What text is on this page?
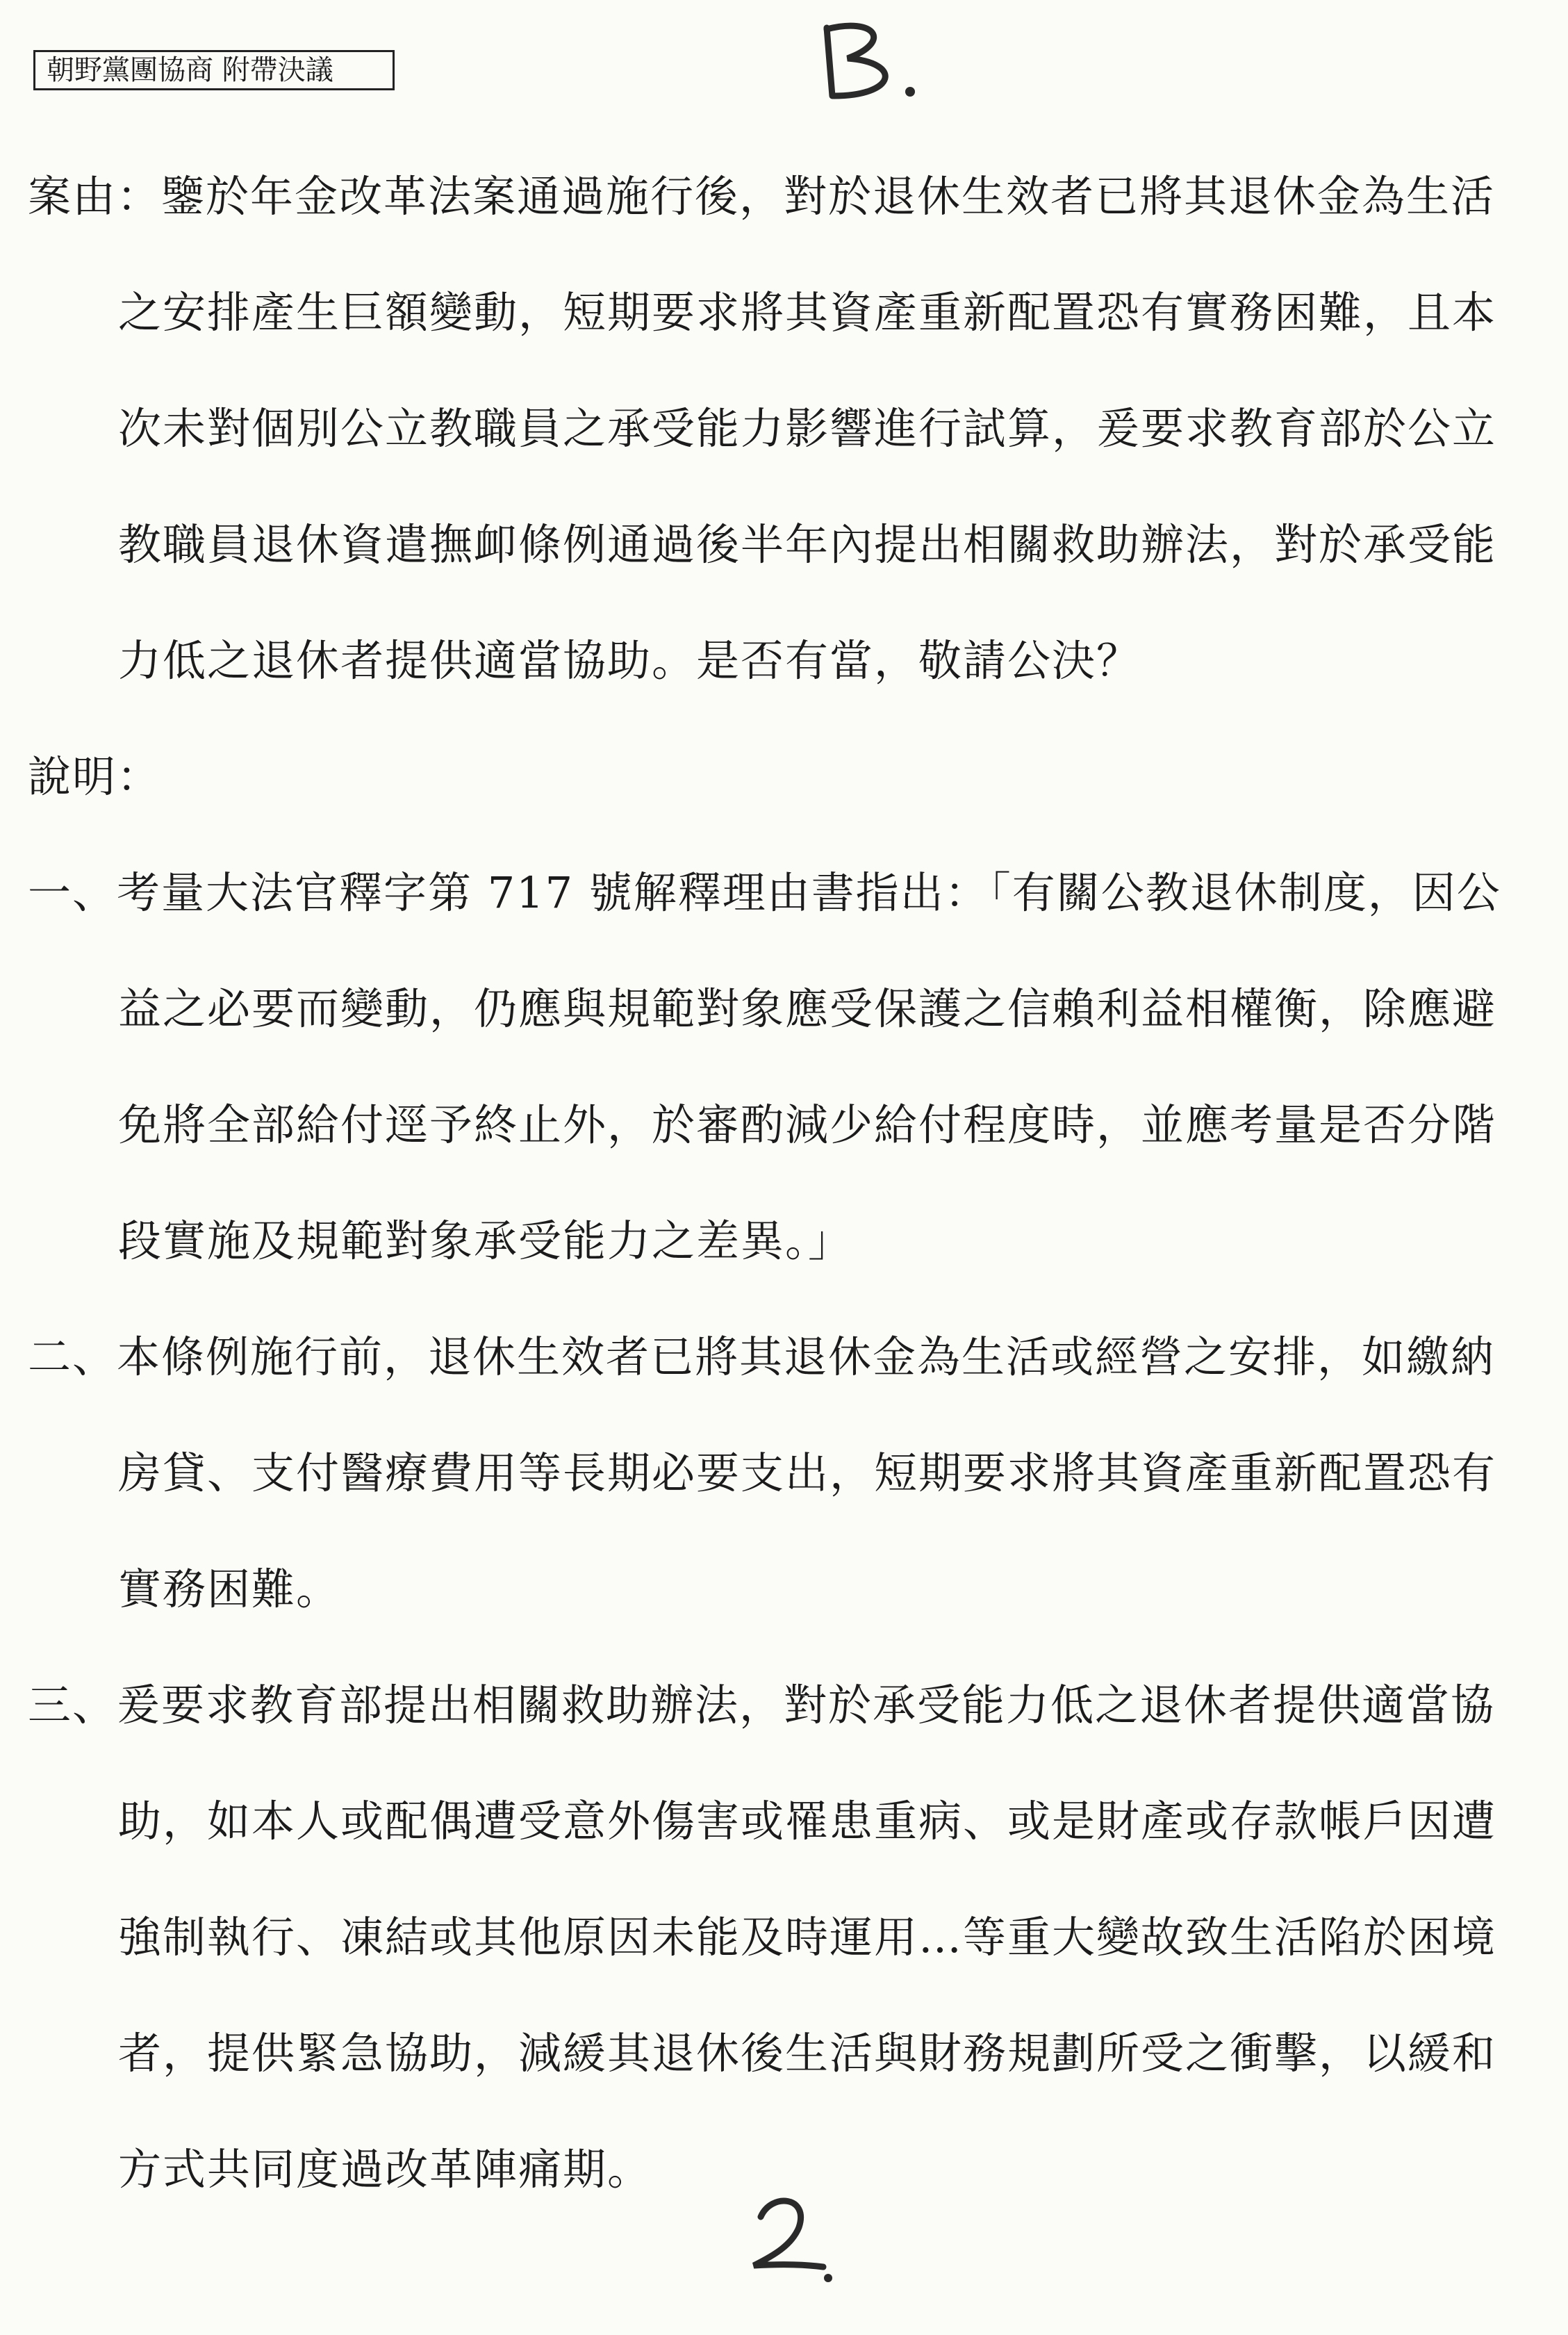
朝野黨團協商 附帶決議
案由：鑒於年金改革法案通過施行後，對於退休生效者已將其退休金為生活
之安排產生巨額變動，短期要求將其資產重新配置恐有實務困難，且本
次未對個別公立教職員之承受能力影響進行試算，爰要求教育部於公立
教職員退休資遣撫卹條例通過後半年內提出相關救助辦法，對於承受能
力低之退休者提供適當協助。是否有當，敬請公決？
說明：
一、考量大法官釋字第 717 號解釋理由書指出：「有關公教退休制度，因公
益之必要而變動，仍應與規範對象應受保護之信賴利益相權衡，除應避
免將全部給付逕予終止外，於審酌減少給付程度時，並應考量是否分階
段實施及規範對象承受能力之差異。」
二、本條例施行前，退休生效者已將其退休金為生活或經營之安排，如繳納
房貸、支付醫療費用等長期必要支出，短期要求將其資產重新配置恐有
實務困難。
三、爰要求教育部提出相關救助辦法，對於承受能力低之退休者提供適當協
助，如本人或配偶遭受意外傷害或罹患重病、或是財產或存款帳戶因遭
強制執行、凍結或其他原因未能及時運用…等重大變故致生活陷於困境
者，提供緊急協助，減緩其退休後生活與財務規劃所受之衝擊，以緩和
方式共同度過改革陣痛期。
